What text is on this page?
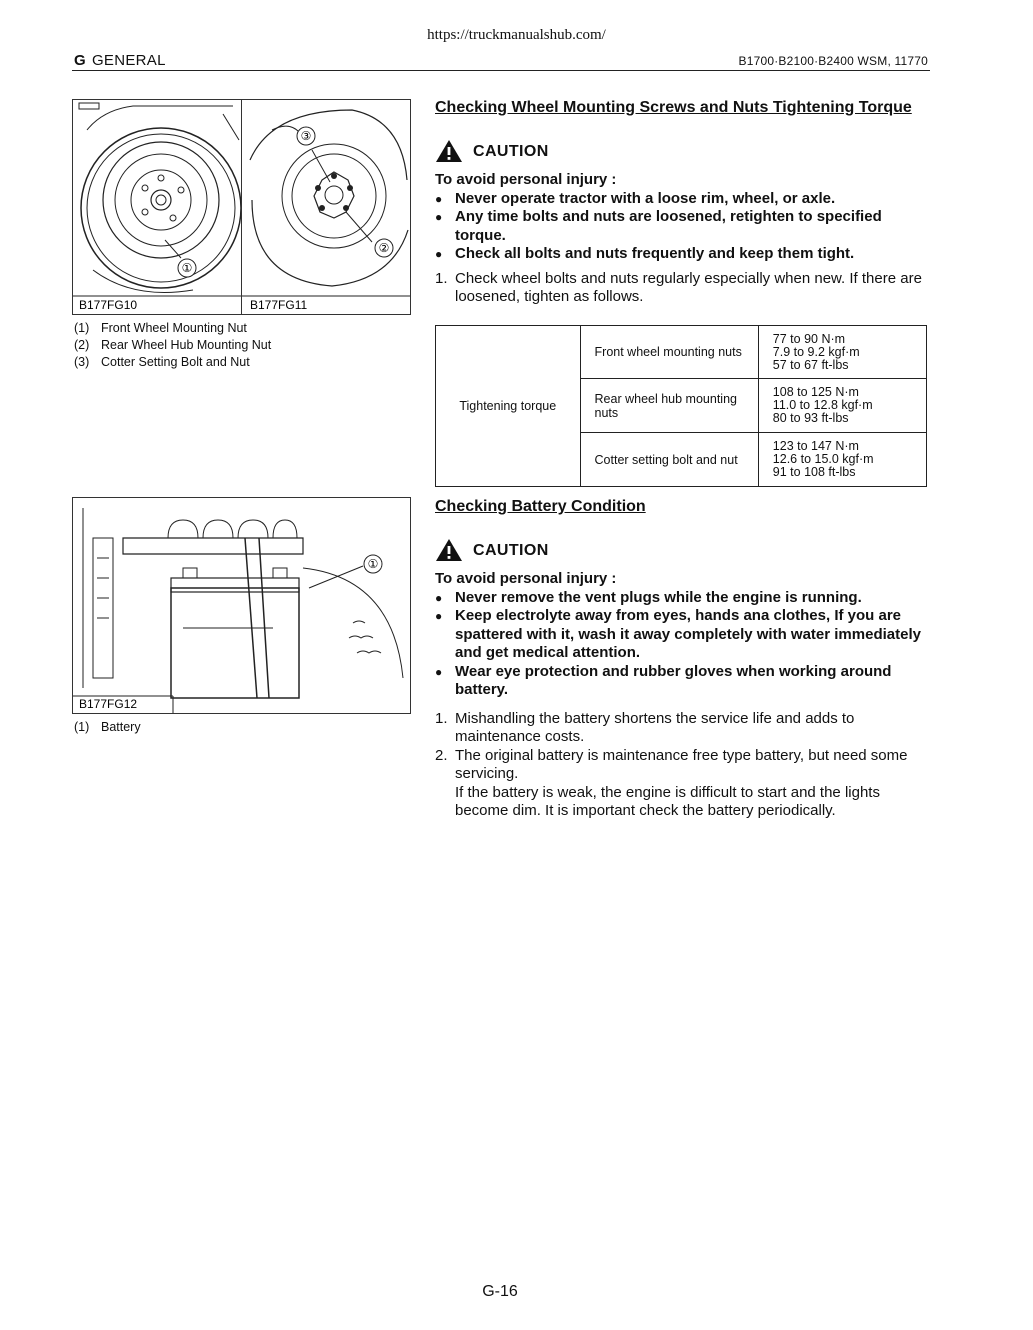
https://truckmanualshub.com/
G GENERAL	B1700·B2100·B2400 WSM, 11770
①
B177FG10
③
②
B177FG11
(1) Front Wheel Mounting Nut
(2) Rear Wheel Hub Mounting Nut
(3) Cotter Setting Bolt and Nut
①
B177FG12
(1) Battery
Checking Wheel Mounting Screws and Nuts Tightening Torque
CAUTION
To avoid personal injury :
● Never operate tractor with a loose rim, wheel, or axle.
● Any time bolts and nuts are loosened, retighten to specified torque.
● Check all bolts and nuts frequently and keep them tight.
1. Check wheel bolts and nuts regularly especially when new. If there are loosened, tighten as follows.
Tightening torque	Front wheel mounting nuts	77 to 90 N·m
7.9 to 9.2 kgf·m
57 to 67 ft-lbs

	Rear wheel hub mounting nuts	108 to 125 N·m
11.0 to 12.8 kgf·m
80 to 93 ft-lbs

	Cotter setting bolt and nut	123 to 147 N·m
12.6 to 15.0 kgf·m
91 to 108 ft-lbs
Checking Battery Condition
CAUTION
To avoid personal injury :
● Never remove the vent plugs while the engine is running.
● Keep electrolyte away from eyes, hands ana clothes, If you are spattered with it, wash it away completely with water immediately and get medical attention.
● Wear eye protection and rubber gloves when working around battery.
1. Mishandling the battery shortens the service life and adds to maintenance costs.
2. The original battery is maintenance free type battery, but need some servicing.
If the battery is weak, the engine is difficult to start and the lights become dim. It is important check the battery periodically.
G-16
